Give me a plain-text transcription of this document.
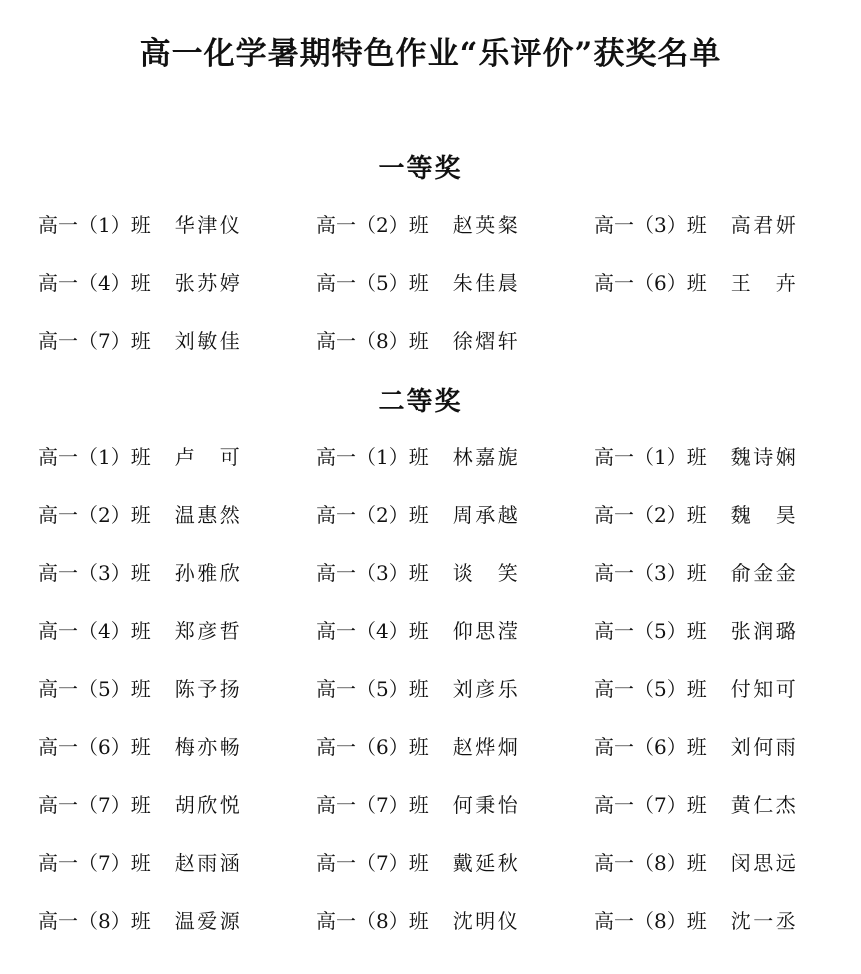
高一化学暑期特色作业“乐评价”获奖名单
一等奖
高一（1）班 华津仪	高一（2）班 赵英粲	高一（3）班 高君妍
高一（4）班 张苏婷	高一（5）班 朱佳晨	高一（6）班 王 卉
高一（7）班 刘敏佳	高一（8）班 徐熠轩
二等奖
高一（1）班 卢 可	高一（1）班 林嘉旎	高一（1）班 魏诗娴
高一（2）班 温惠然	高一（2）班 周承越	高一（2）班 魏 昊
高一（3）班 孙雅欣	高一（3）班 谈 笑	高一（3）班 俞金金
高一（4）班 郑彦哲	高一（4）班 仰思滢	高一（5）班 张润璐
高一（5）班 陈予扬	高一（5）班 刘彦乐	高一（5）班 付知可
高一（6）班 梅亦畅	高一（6）班 赵烨炯	高一（6）班 刘何雨
高一（7）班 胡欣悦	高一（7）班 何秉怡	高一（7）班 黄仁杰
高一（7）班 赵雨涵	高一（7）班 戴延秋	高一（8）班 闵思远
高一（8）班 温爱源	高一（8）班 沈明仪	高一（8）班 沈一丞
